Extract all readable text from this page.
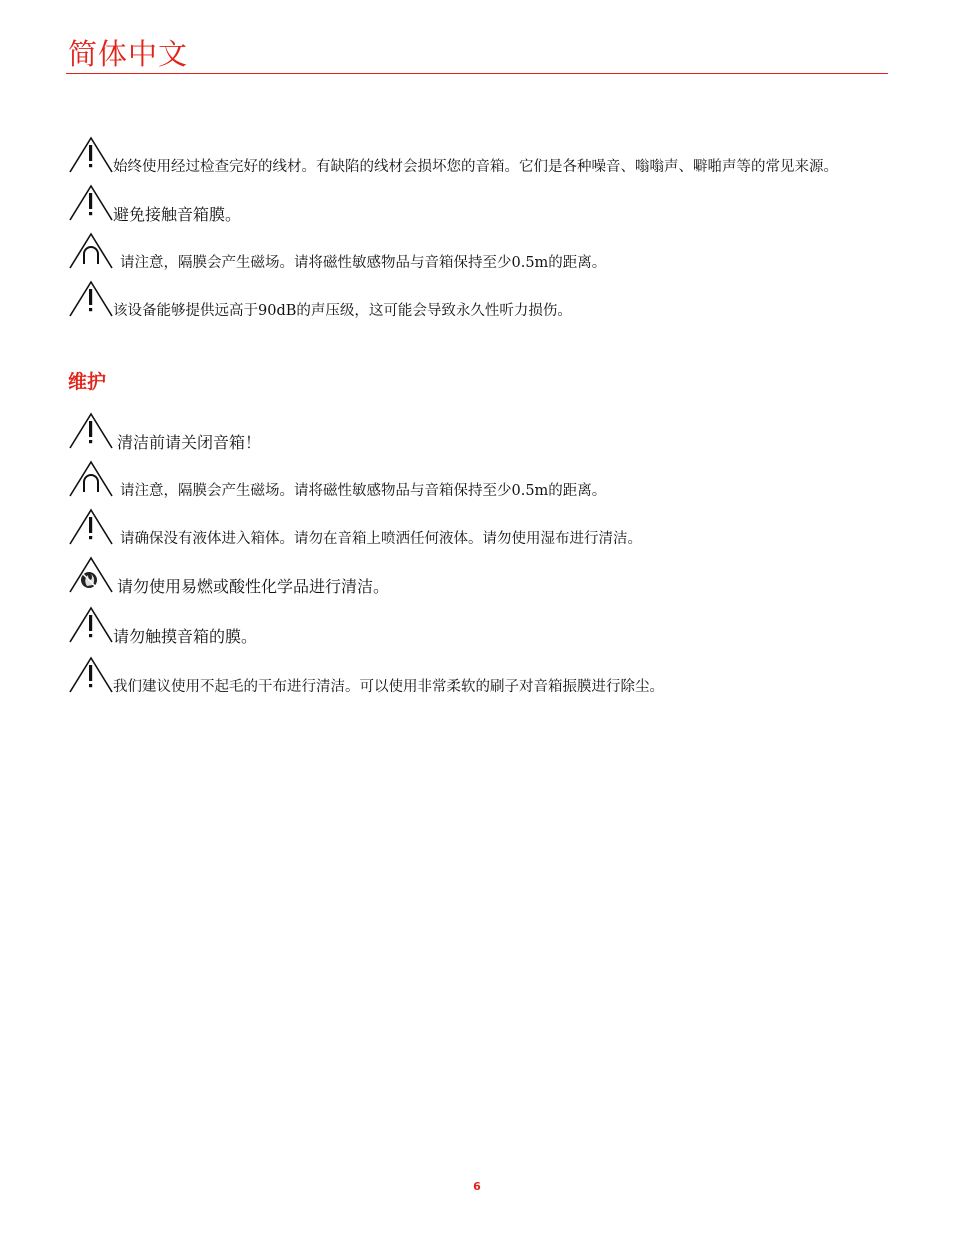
简体中文
始终使用经过检查完好的线材。有缺陷的线材会损坏您的音箱。它们是各种噪音、嗡嗡声、噼啪声等的常见来源。
避免接触音箱膜。
请注意，隔膜会产生磁场。请将磁性敏感物品与音箱保持至少0.5m的距离。
该设备能够提供远高于90dB的声压级，这可能会导致永久性听力损伤。
维护
清洁前请关闭音箱！
请注意，隔膜会产生磁场。请将磁性敏感物品与音箱保持至少0.5m的距离。
请确保没有液体进入箱体。请勿在音箱上喷洒任何液体。请勿使用湿布进行清洁。
请勿使用易燃或酸性化学品进行清洁。
请勿触摸音箱的膜。
我们建议使用不起毛的干布进行清洁。可以使用非常柔软的刷子对音箱振膜进行除尘。
6
